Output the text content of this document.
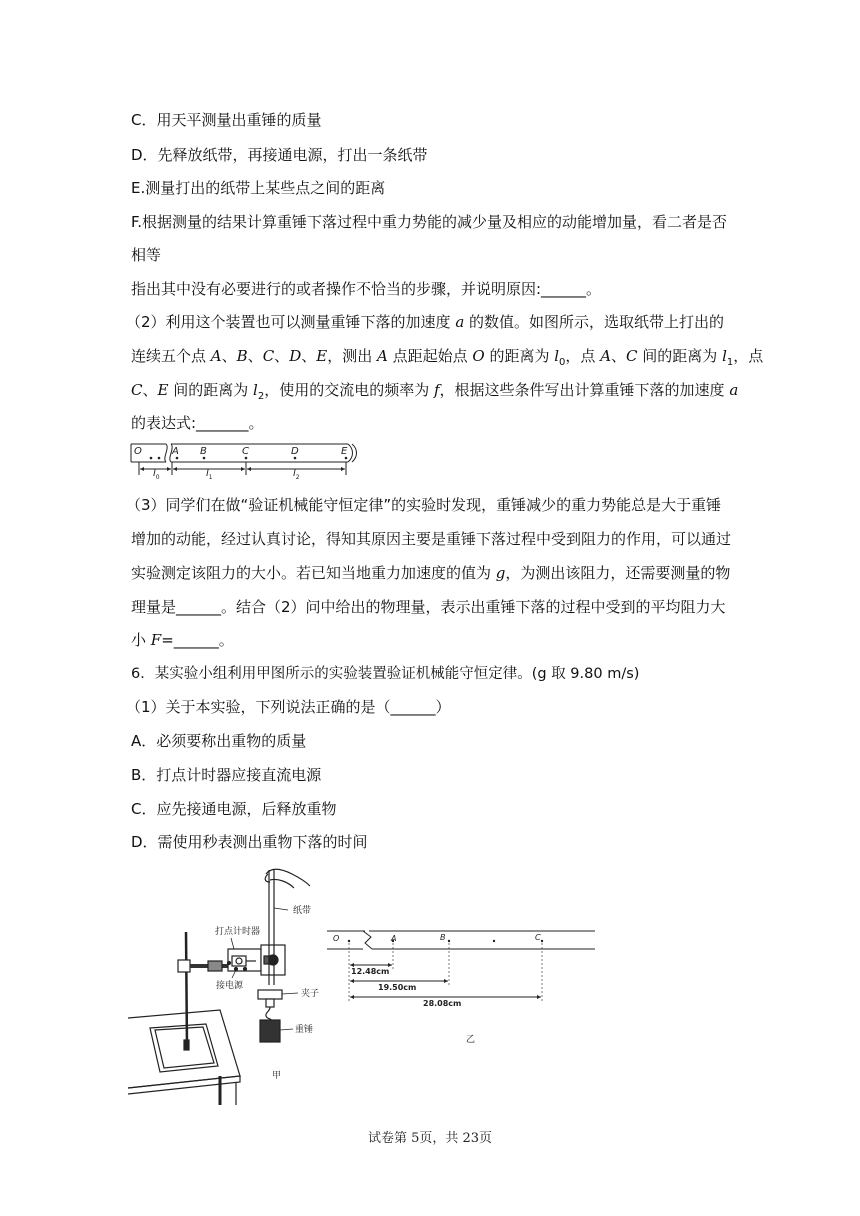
C．用天平测量出重锤的质量
D．先释放纸带，再接通电源，打出一条纸带
E.测量打出的纸带上某些点之间的距离
F.根据测量的结果计算重锤下落过程中重力势能的减少量及相应的动能增加量，看二者是否
相等
指出其中没有必要进行的或者操作不恰当的步骤，并说明原因:______。
（2）利用这个装置也可以测量重锤下落的加速度 a 的数值。如图所示，选取纸带上打出的
连续五个点 A、B、C、D、E，测出 A 点距起始点 O 的距离为 $l_0$，点 A、C 间的距离为 $l_1$，点
C、E 间的距离为 $l_2$，使用的交流电的频率为 f，根据这些条件写出计算重锤下落的加速度 a
的表达式:_______。
O	A B	C	D	E
$l_0$	$l_1$	$l_2$
（3）同学们在做“验证机械能守恒定律”的实验时发现，重锤减少的重力势能总是大于重锤
增加的动能，经过认真讨论，得知其原因主要是重锤下落过程中受到阻力的作用，可以通过
实验测定该阻力的大小。若已知当地重力加速度的值为 g，为测出该阻力，还需要测量的物
理量是______。结合（2）问中给出的物理量，表示出重锤下落的过程中受到的平均阻力大
小 F=______。
6．某实验小组利用甲图所示的实验装置验证机械能守恒定律。(g 取 9.80 m/s)
（1）关于本实验，下列说法正确的是（______）
A．必须要称出重物的质量
B．打点计时器应接直流电源
C．应先接通电源，后释放重物
D．需使用秒表测出重物下落的时间
纸带
打点计时器
接电源
夹子
重锤
甲
O	A	B	C
12.48cm
19.50cm
28.08cm
乙
试卷第 5页，共 23页
